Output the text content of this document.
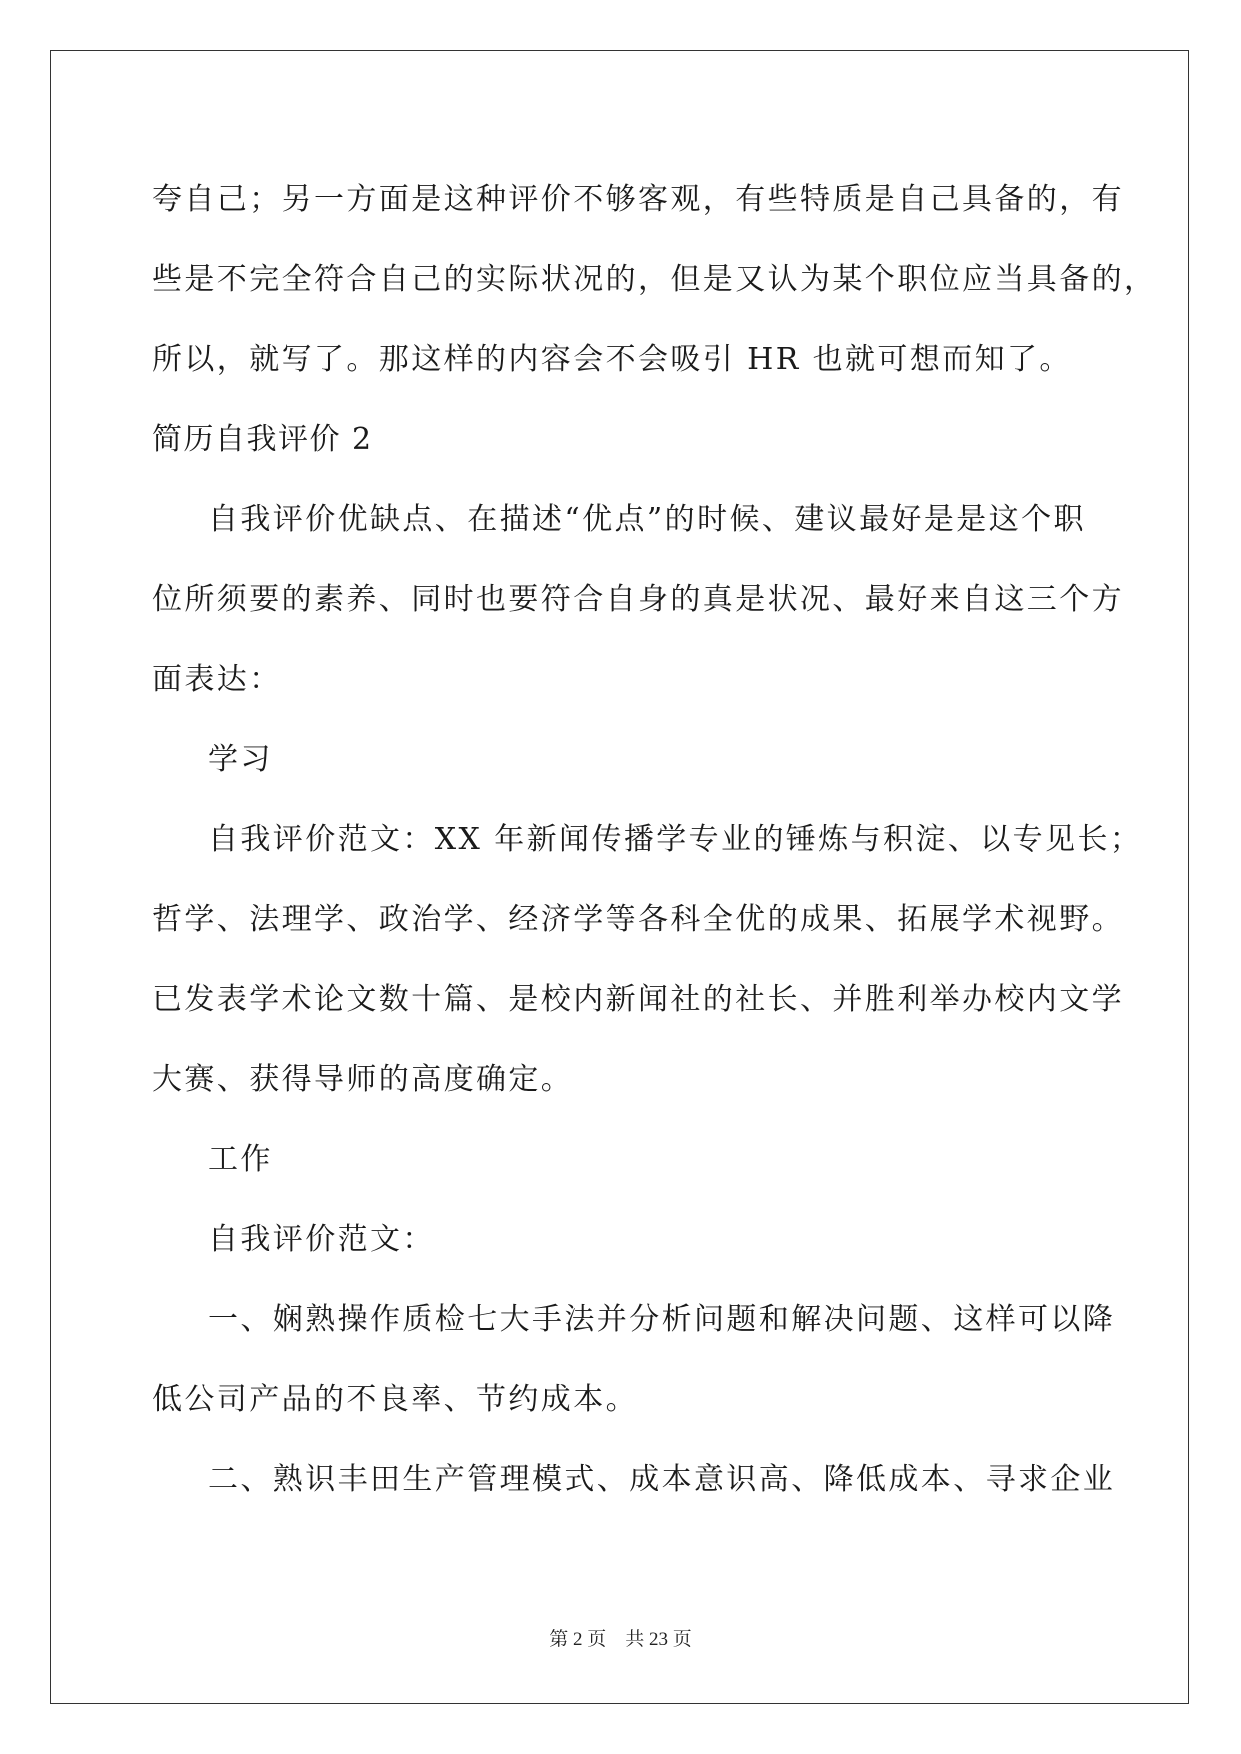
夸自己；另一方面是这种评价不够客观，有些特质是自己具备的，有
些是不完全符合自己的实际状况的，但是又认为某个职位应当具备的，
所以，就写了。那这样的内容会不会吸引 HR 也就可想而知了。
简历自我评价 2
自我评价优缺点、在描述“优点”的时候、建议最好是是这个职
位所须要的素养、同时也要符合自身的真是状况、最好来自这三个方
面表达：
学习
自我评价范文：XX 年新闻传播学专业的锤炼与积淀、以专见长；
哲学、法理学、政治学、经济学等各科全优的成果、拓展学术视野。
已发表学术论文数十篇、是校内新闻社的社长、并胜利举办校内文学
大赛、获得导师的高度确定。
工作
自我评价范文：
一、娴熟操作质检七大手法并分析问题和解决问题、这样可以降
低公司产品的不良率、节约成本。
二、熟识丰田生产管理模式、成本意识高、降低成本、寻求企业
第 2 页    共 23 页
